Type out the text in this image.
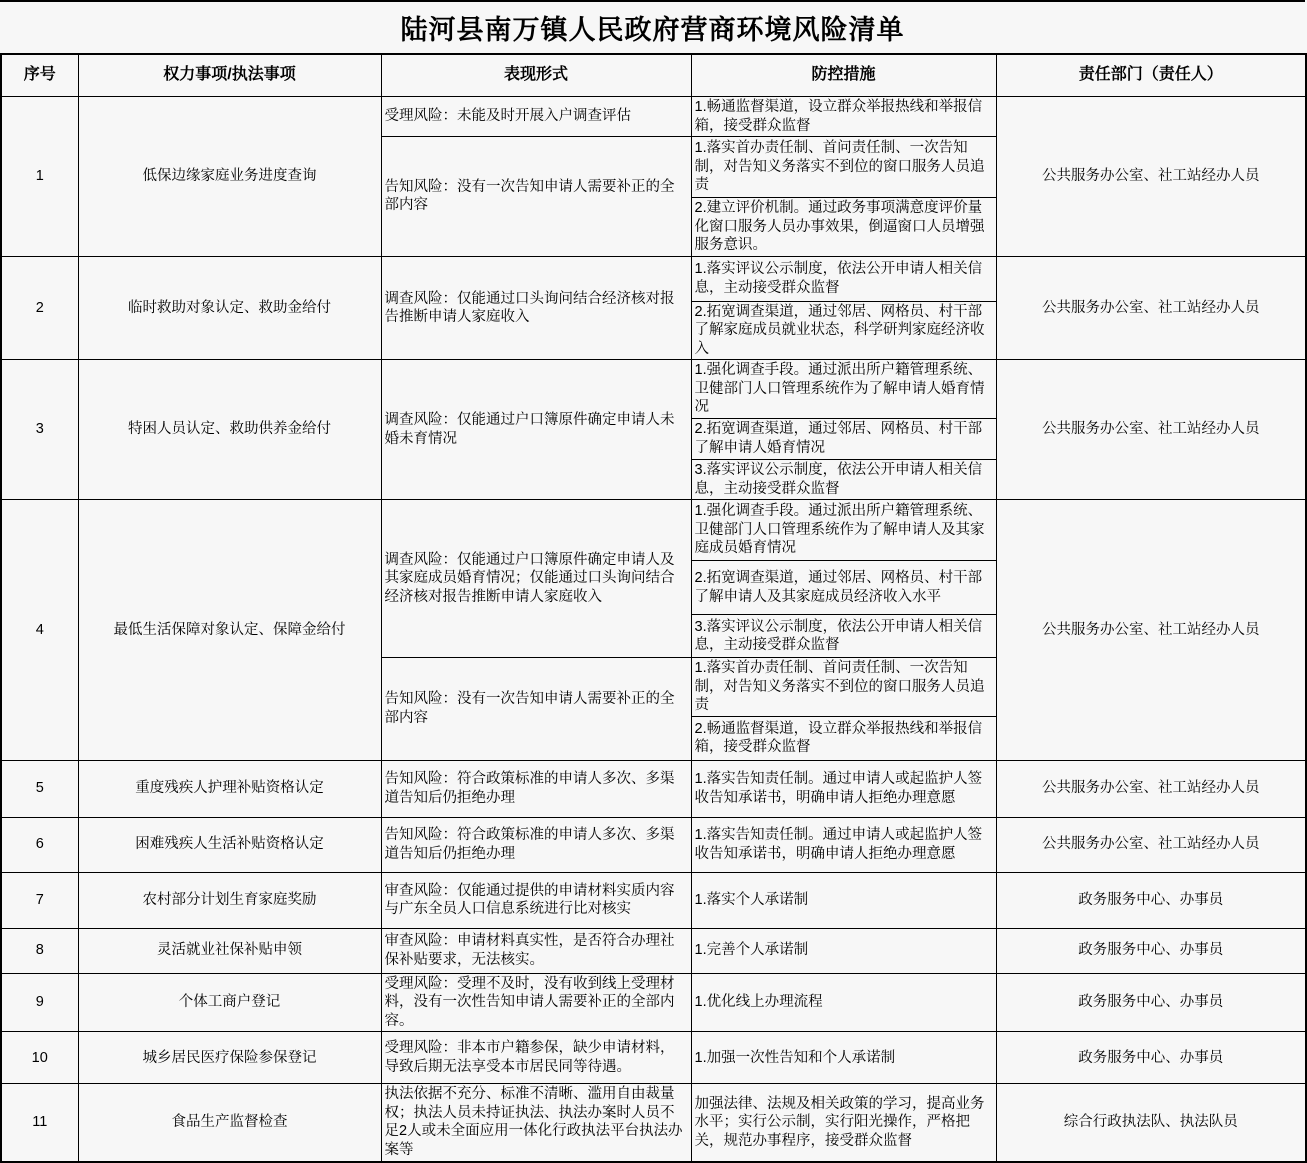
陆河县南万镇人民政府营商环境风险清单
序号	权力事项/执法事项	表现形式	防控措施	责任部门（责任人）
1	低保边缘家庭业务进度查询	受理风险：未能及时开展入户调查评估	1.畅通监督渠道，设立群众举报热线和举报信箱，接受群众监督	公共服务办公室、社工站经办人员
		告知风险：没有一次告知申请人需要补正的全部内容	1.落实首办责任制、首问责任制、一次告知制，对告知义务落实不到位的窗口服务人员追责	
			2.建立评价机制。通过政务事项满意度评价量化窗口服务人员办事效果，倒逼窗口人员增强服务意识。	
2	临时救助对象认定、救助金给付	调查风险：仅能通过口头询问结合经济核对报告推断申请人家庭收入	1.落实评议公示制度，依法公开申请人相关信息，主动接受群众监督	公共服务办公室、社工站经办人员
			2.拓宽调查渠道，通过邻居、网格员、村干部了解家庭成员就业状态，科学研判家庭经济收入	
3	特困人员认定、救助供养金给付	调查风险：仅能通过户口簿原件确定申请人未婚未育情况	1.强化调查手段。通过派出所户籍管理系统、卫健部门人口管理系统作为了解申请人婚育情况	公共服务办公室、社工站经办人员
			2.拓宽调查渠道，通过邻居、网格员、村干部了解申请人婚育情况	
			3.落实评议公示制度，依法公开申请人相关信息，主动接受群众监督	
4	最低生活保障对象认定、保障金给付	调查风险：仅能通过户口簿原件确定申请人及其家庭成员婚育情况；仅能通过口头询问结合经济核对报告推断申请人家庭收入	1.强化调查手段。通过派出所户籍管理系统、卫健部门人口管理系统作为了解申请人及其家庭成员婚育情况	公共服务办公室、社工站经办人员
			2.拓宽调查渠道，通过邻居、网格员、村干部了解申请人及其家庭成员经济收入水平	
			3.落实评议公示制度，依法公开申请人相关信息，主动接受群众监督	
		告知风险：没有一次告知申请人需要补正的全部内容	1.落实首办责任制、首问责任制、一次告知制，对告知义务落实不到位的窗口服务人员追责	
			2.畅通监督渠道，设立群众举报热线和举报信箱，接受群众监督	
5	重度残疾人护理补贴资格认定	告知风险：符合政策标准的申请人多次、多渠道告知后仍拒绝办理	1.落实告知责任制。通过申请人或起监护人签收告知承诺书，明确申请人拒绝办理意愿	公共服务办公室、社工站经办人员
6	困难残疾人生活补贴资格认定	告知风险：符合政策标准的申请人多次、多渠道告知后仍拒绝办理	1.落实告知责任制。通过申请人或起监护人签收告知承诺书，明确申请人拒绝办理意愿	公共服务办公室、社工站经办人员
7	农村部分计划生育家庭奖励	审查风险：仅能通过提供的申请材料实质内容与广东全员人口信息系统进行比对核实	1.落实个人承诺制	政务服务中心、办事员
8	灵活就业社保补贴申领	审查风险：申请材料真实性，是否符合办理社保补贴要求，无法核实。	1.完善个人承诺制	政务服务中心、办事员
9	个体工商户登记	受理风险：受理不及时，没有收到线上受理材料，没有一次性告知申请人需要补正的全部内容。	1.优化线上办理流程	政务服务中心、办事员
10	城乡居民医疗保险参保登记	受理风险：非本市户籍参保，缺少申请材料，导致后期无法享受本市居民同等待遇。	1.加强一次性告知和个人承诺制	政务服务中心、办事员
11	食品生产监督检查	执法依据不充分、标准不清晰、滥用自由裁量权；执法人员未持证执法、执法办案时人员不足2人或未全面应用一体化行政执法平台执法办案等	加强法律、法规及相关政策的学习，提高业务水平；实行公示制，实行阳光操作，严格把关，规范办事程序，接受群众监督	综合行政执法队、执法队员
